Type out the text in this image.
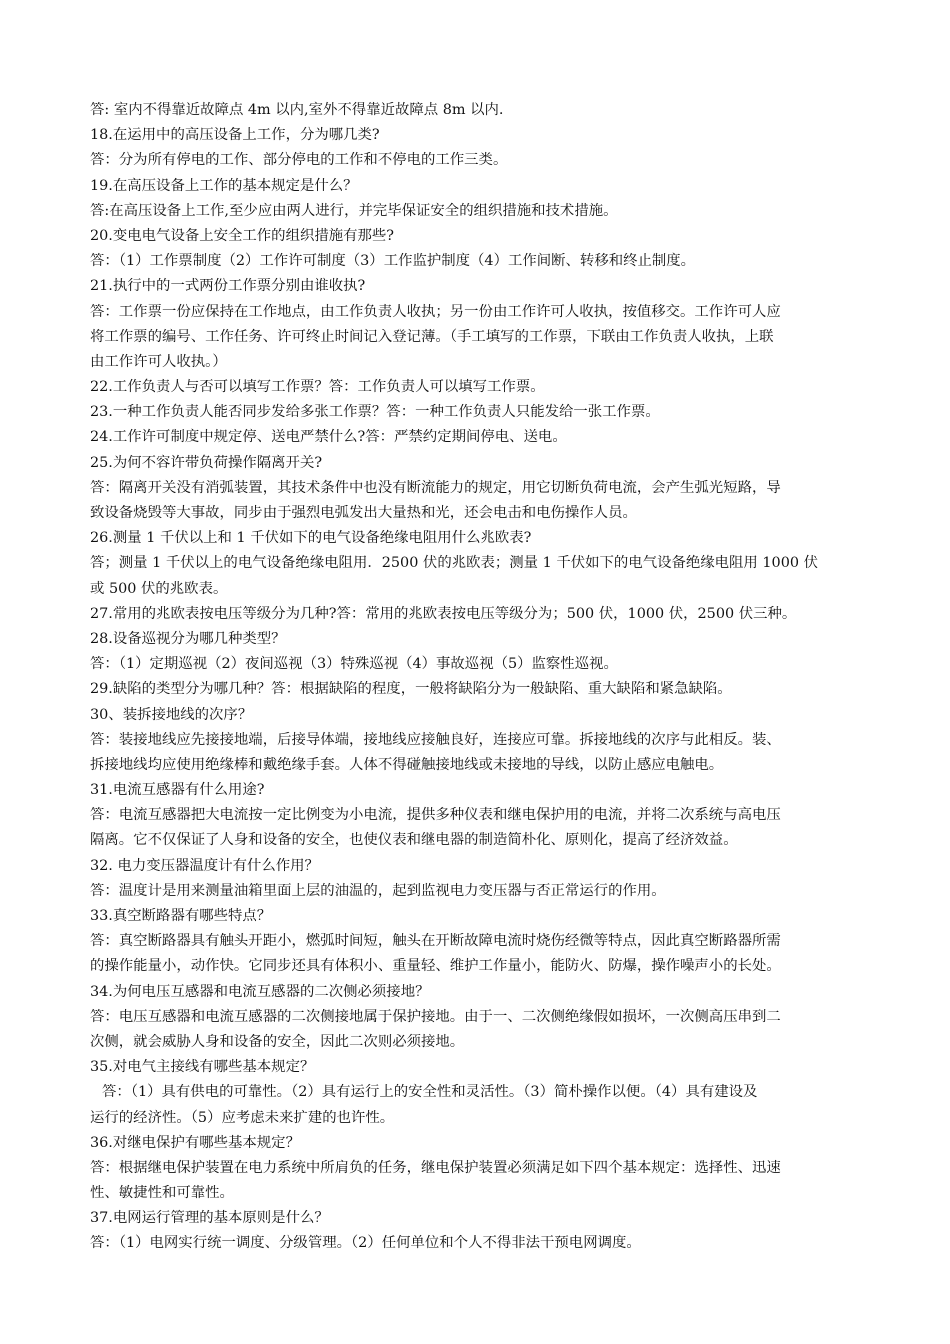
答: 室内不得靠近故障点 4m 以内,室外不得靠近故障点 8m 以内.
18.在运用中的高压设备上工作，分为哪几类?
答：分为所有停电的工作、部分停电的工作和不停电的工作三类。
19.在高压设备上工作的基本规定是什么？
答:在高压设备上工作,至少应由两人进行，并完毕保证安全的组织措施和技术措施。
20.变电电气设备上安全工作的组织措施有那些?
答：（1）工作票制度（2）工作许可制度（3）工作监护制度（4）工作间断、转移和终止制度。
21.执行中的一式两份工作票分别由谁收执?
答：工作票一份应保持在工作地点，由工作负责人收执；另一份由工作许可人收执，按值移交。工作许可人应
将工作票的编号、工作任务、许可终止时间记入登记薄。（手工填写的工作票，下联由工作负责人收执，上联
由工作许可人收执。）
22.工作负责人与否可以填写工作票？答：工作负责人可以填写工作票。
23.一种工作负责人能否同步发给多张工作票？答：一种工作负责人只能发给一张工作票。
24.工作许可制度中规定停、送电严禁什么?答：严禁约定期间停电、送电。
25.为何不容许带负荷操作隔离开关?
答：隔离开关没有消弧装置，其技术条件中也没有断流能力的规定，用它切断负荷电流，会产生弧光短路，导
致设备烧毁等大事故，同步由于强烈电弧发出大量热和光，还会电击和电伤操作人员。
26.测量 1 千伏以上和 1 千伏如下的电气设备绝缘电阻用什么兆欧表?
答；测量 1 千伏以上的电气设备绝缘电阻用．2500 伏的兆欧表；测量 1 千伏如下的电气设备绝缘电阻用 1000 伏
或 500 伏的兆欧表。
27.常用的兆欧表按电压等级分为几种?答：常用的兆欧表按电压等级分为；500 伏，1000 伏，2500 伏三种。
28.设备巡视分为哪几种类型？
答：（1）定期巡视（2）夜间巡视（3）特殊巡视（4）事故巡视（5）监察性巡视。
29.缺陷的类型分为哪几种？答：根据缺陷的程度，一般将缺陷分为一般缺陷、重大缺陷和紧急缺陷。
30、装拆接地线的次序？
答：装接地线应先接接地端，后接导体端，接地线应接触良好，连接应可靠。拆接地线的次序与此相反。装、
拆接地线均应使用绝缘棒和戴绝缘手套。人体不得碰触接地线或未接地的导线，以防止感应电触电。
31.电流互感器有什么用途?
答：电流互感器把大电流按一定比例变为小电流，提供多种仪表和继电保护用的电流，并将二次系统与高电压
隔离。它不仅保证了人身和设备的安全，也使仪表和继电器的制造简朴化、原则化，提高了经济效益。
32. 电力变压器温度计有什么作用？
答：温度计是用来测量油箱里面上层的油温的，起到监视电力变压器与否正常运行的作用。
33.真空断路器有哪些特点？
答：真空断路器具有触头开距小，燃弧时间短，触头在开断故障电流时烧伤经微等特点，因此真空断路器所需
的操作能量小，动作快。它同步还具有体积小、重量轻、维护工作量小，能防火、防爆，操作噪声小的长处。
34.为何电压互感器和电流互感器的二次侧必须接地？
答：电压互感器和电流互感器的二次侧接地属于保护接地。由于一、二次侧绝缘假如损坏，一次侧高压串到二
次侧，就会威胁人身和设备的安全，因此二次则必须接地。
35.对电气主接线有哪些基本规定？
答：（1）具有供电的可靠性。（2）具有运行上的安全性和灵活性。（3）简朴操作以便。（4）具有建设及
运行的经济性。（5）应考虑未来扩建的也许性。
36.对继电保护有哪些基本规定？
答：根据继电保护装置在电力系统中所肩负的任务，继电保护装置必须满足如下四个基本规定：选择性、迅速
性、敏捷性和可靠性。
37.电网运行管理的基本原则是什么？
答：（1）电网实行统一调度、分级管理。（2）任何单位和个人不得非法干预电网调度。
